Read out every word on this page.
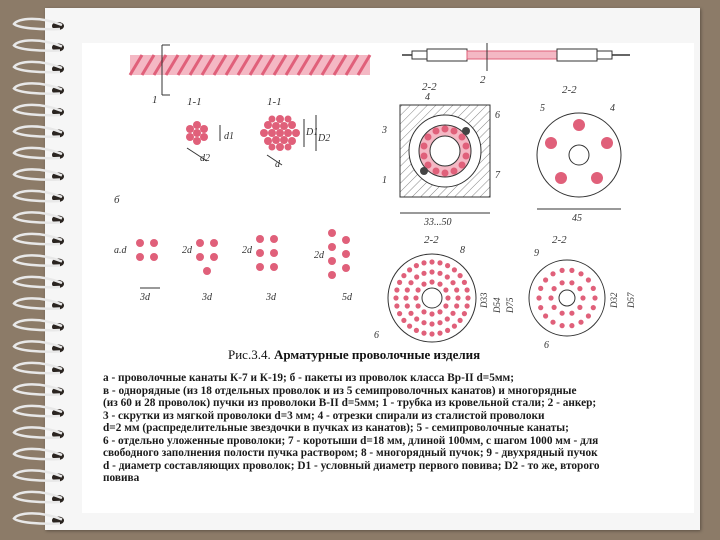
1
2
1-1
d2
d1
1-1
d
D1
D2
2-2
3
4
6
7
1
33...50
2-2
5	4
45
б
3d
а.d	2d
3d
2d
3d
2d
5d
2-2
8
6
D33 D54 D75
2-2
9
6
D32 D57
Рис.3.4. Арматурные проволочные изделия
а - проволочные канаты К-7 и К-19; б - пакеты из проволок класса Вр-II d=5мм;
в - однорядные (из 18 отдельных проволок и из 5 семипроволочных канатов) и многорядные
(из 60 и 28 проволок) пучки из проволоки В-II d=5мм; 1 - трубка из кровельной стали; 2 - анкер;
3 - скрутки из мягкой проволоки d=3 мм; 4 - отрезки спирали из сталистой проволоки
d=2 мм (распределительные звездочки в пучках из канатов); 5 - семипроволочные канаты;
6 - отдельно уложенные проволоки; 7 - коротыши d=18 мм, длиной 100мм, с шагом 1000 мм - для
свободного заполнения полости пучка раствором; 8 - многорядный пучок; 9 - двухрядный пучок
d - диаметр составляющих проволок; D1 - условный диаметр первого повива; D2 - то же, второго
повива
